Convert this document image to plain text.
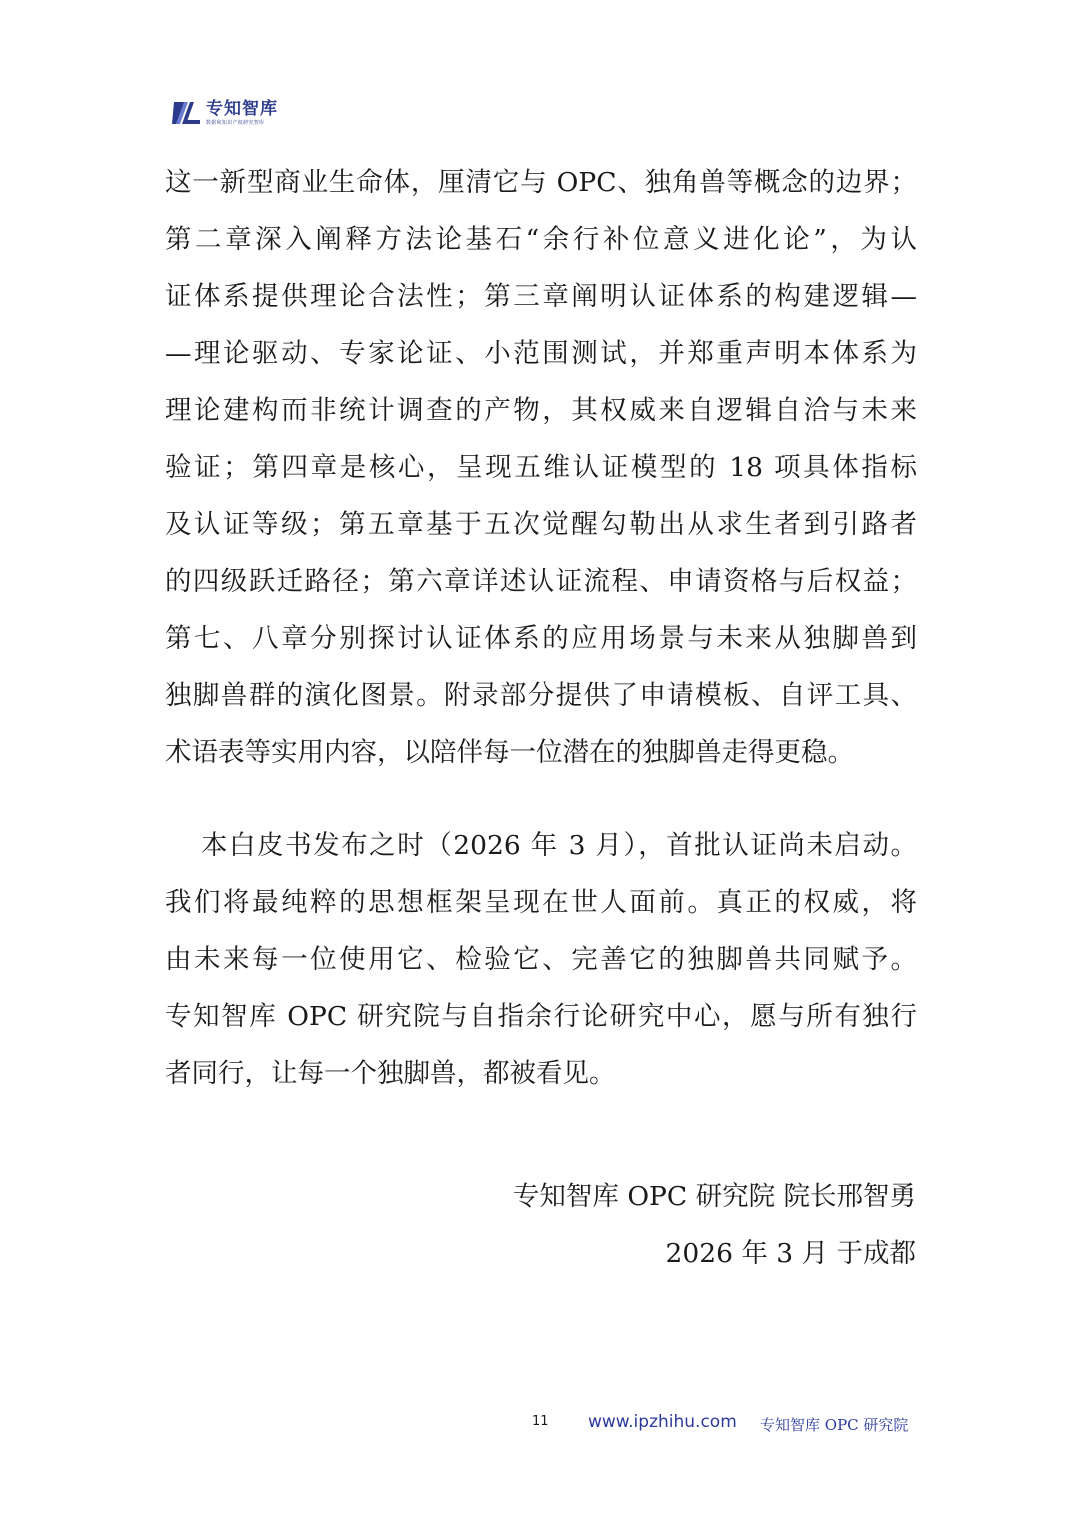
专知智库
数据和知识产权研究智库

这一新型商业生命体，厘清它与 OPC、独角兽等概念的边界；
第二章深入阐释方法论基石“余行补位意义进化论”，为认
证体系提供理论合法性；第三章阐明认证体系的构建逻辑—
—理论驱动、专家论证、小范围测试，并郑重声明本体系为
理论建构而非统计调查的产物，其权威来自逻辑自洽与未来
验证；第四章是核心，呈现五维认证模型的 18 项具体指标
及认证等级；第五章基于五次觉醒勾勒出从求生者到引路者
的四级跃迁路径；第六章详述认证流程、申请资格与后权益；
第七、八章分别探讨认证体系的应用场景与未来从独脚兽到
独脚兽群的演化图景。附录部分提供了申请模板、自评工具、
术语表等实用内容，以陪伴每一位潜在的独脚兽走得更稳。

本白皮书发布之时（2026 年 3 月），首批认证尚未启动。
我们将最纯粹的思想框架呈现在世人面前。真正的权威，将
由未来每一位使用它、检验它、完善它的独脚兽共同赋予。
专知智库 OPC 研究院与自指余行论研究中心，愿与所有独行
者同行，让每一个独脚兽，都被看见。

专知智库 OPC 研究院 院长邢智勇
2026 年 3 月 于成都
11 www.ipzhihu.com 专知智库 OPC 研究院
